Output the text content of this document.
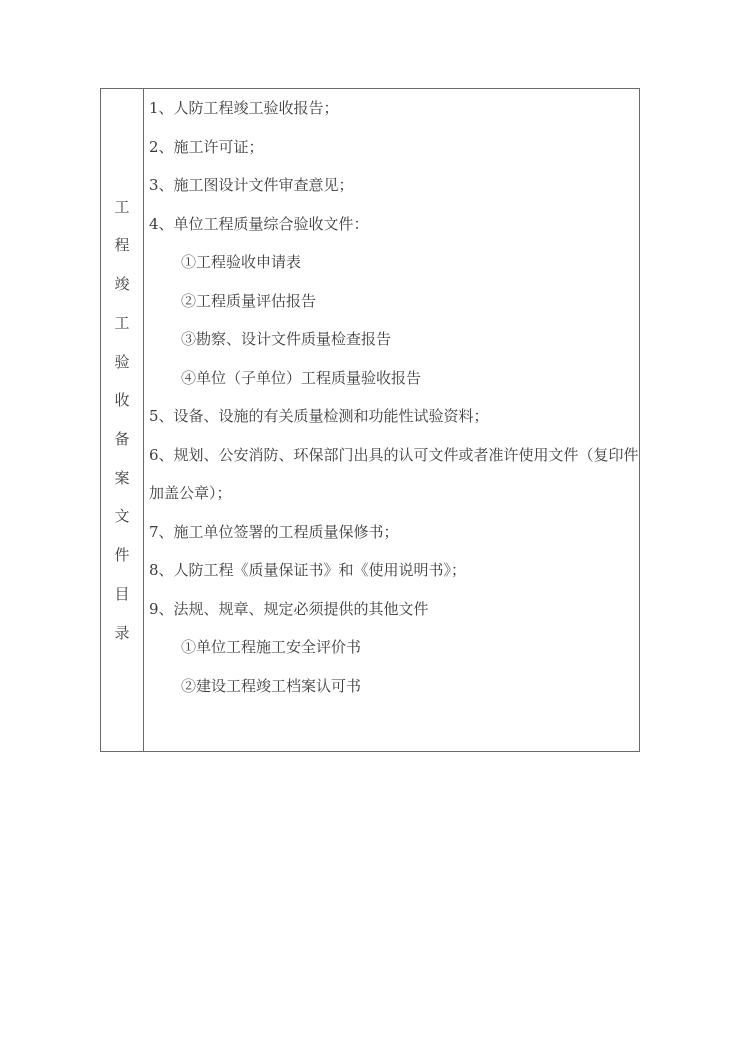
工
程
竣
工
验
收
备
案
文
件
目
录

1、人防工程竣工验收报告；

2、施工许可证；

3、施工图设计文件审查意见；

4、单位工程质量综合验收文件：

①工程验收申请表

②工程质量评估报告

③勘察、设计文件质量检查报告

④单位（子单位）工程质量验收报告

5、设备、设施的有关质量检测和功能性试验资料；

6、规划、公安消防、环保部门出具的认可文件或者准许使用文件（复印件

加盖公章）；

7、施工单位签署的工程质量保修书；

8、人防工程《质量保证书》和《使用说明书》；

9、法规、规章、规定必须提供的其他文件

①单位工程施工安全评价书

②建设工程竣工档案认可书
